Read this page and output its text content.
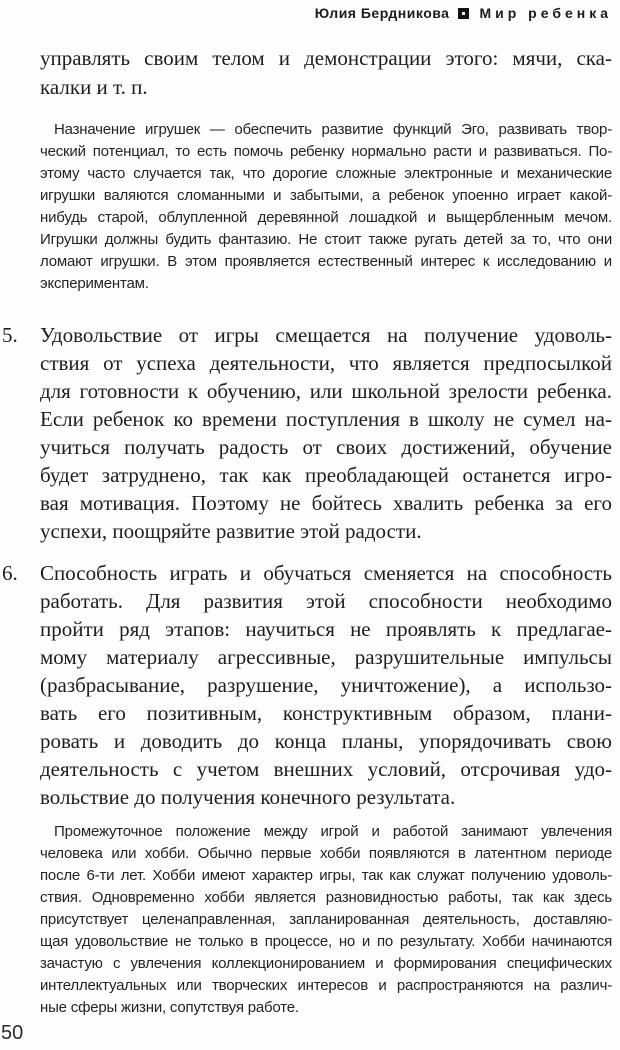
Юлия Бердникова Мир ребенка
управлять своим телом и демонстрации этого: мячи, ска-
калки и т. п.
Назначение игрушек — обеспечить развитие функций Эго, развивать твор-
ческий потенциал, то есть помочь ребенку нормально расти и развиваться. По-
этому часто случается так, что дорогие сложные электронные и механические
игрушки валяются сломанными и забытыми, а ребенок упоенно играет какой-
нибудь старой, облупленной деревянной лошадкой и выщербленным мечом.
Игрушки должны будить фантазию. Не стоит также ругать детей за то, что они
ломают игрушки. В этом проявляется естественный интерес к исследованию и
экспериментам.
5. Удовольствие от игры смещается на получение удоволь-
ствия от успеха деятельности, что является предпосылкой
для готовности к обучению, или школьной зрелости ребенка.
Если ребенок ко времени поступления в школу не сумел на-
учиться получать радость от своих достижений, обучение
будет затруднено, так как преобладающей останется игро-
вая мотивация. Поэтому не бойтесь хвалить ребенка за его
успехи, поощряйте развитие этой радости.
6. Способность играть и обучаться сменяется на способность
работать. Для развития этой способности необходимо
пройти ряд этапов: научиться не проявлять к предлагае-
мому материалу агрессивные, разрушительные импульсы
(разбрасывание, разрушение, уничтожение), а использо-
вать его позитивным, конструктивным образом, плани-
ровать и доводить до конца планы, упорядочивать свою
деятельность с учетом внешних условий, отсрочивая удо-
вольствие до получения конечного результата.
Промежуточное положение между игрой и работой занимают увлечения
человека или хобби. Обычно первые хобби появляются в латентном периоде
после 6-ти лет. Хобби имеют характер игры, так как служат получению удоволь-
ствия. Одновременно хобби является разновидностью работы, так как здесь
присутствует целенаправленная, запланированная деятельность, доставляю-
щая удовольствие не только в процессе, но и по результату. Хобби начинаются
зачастую с увлечения коллекционированием и формирования специфических
интеллектуальных или творческих интересов и распространяются на различ-
ные сферы жизни, сопутствуя работе.
50
